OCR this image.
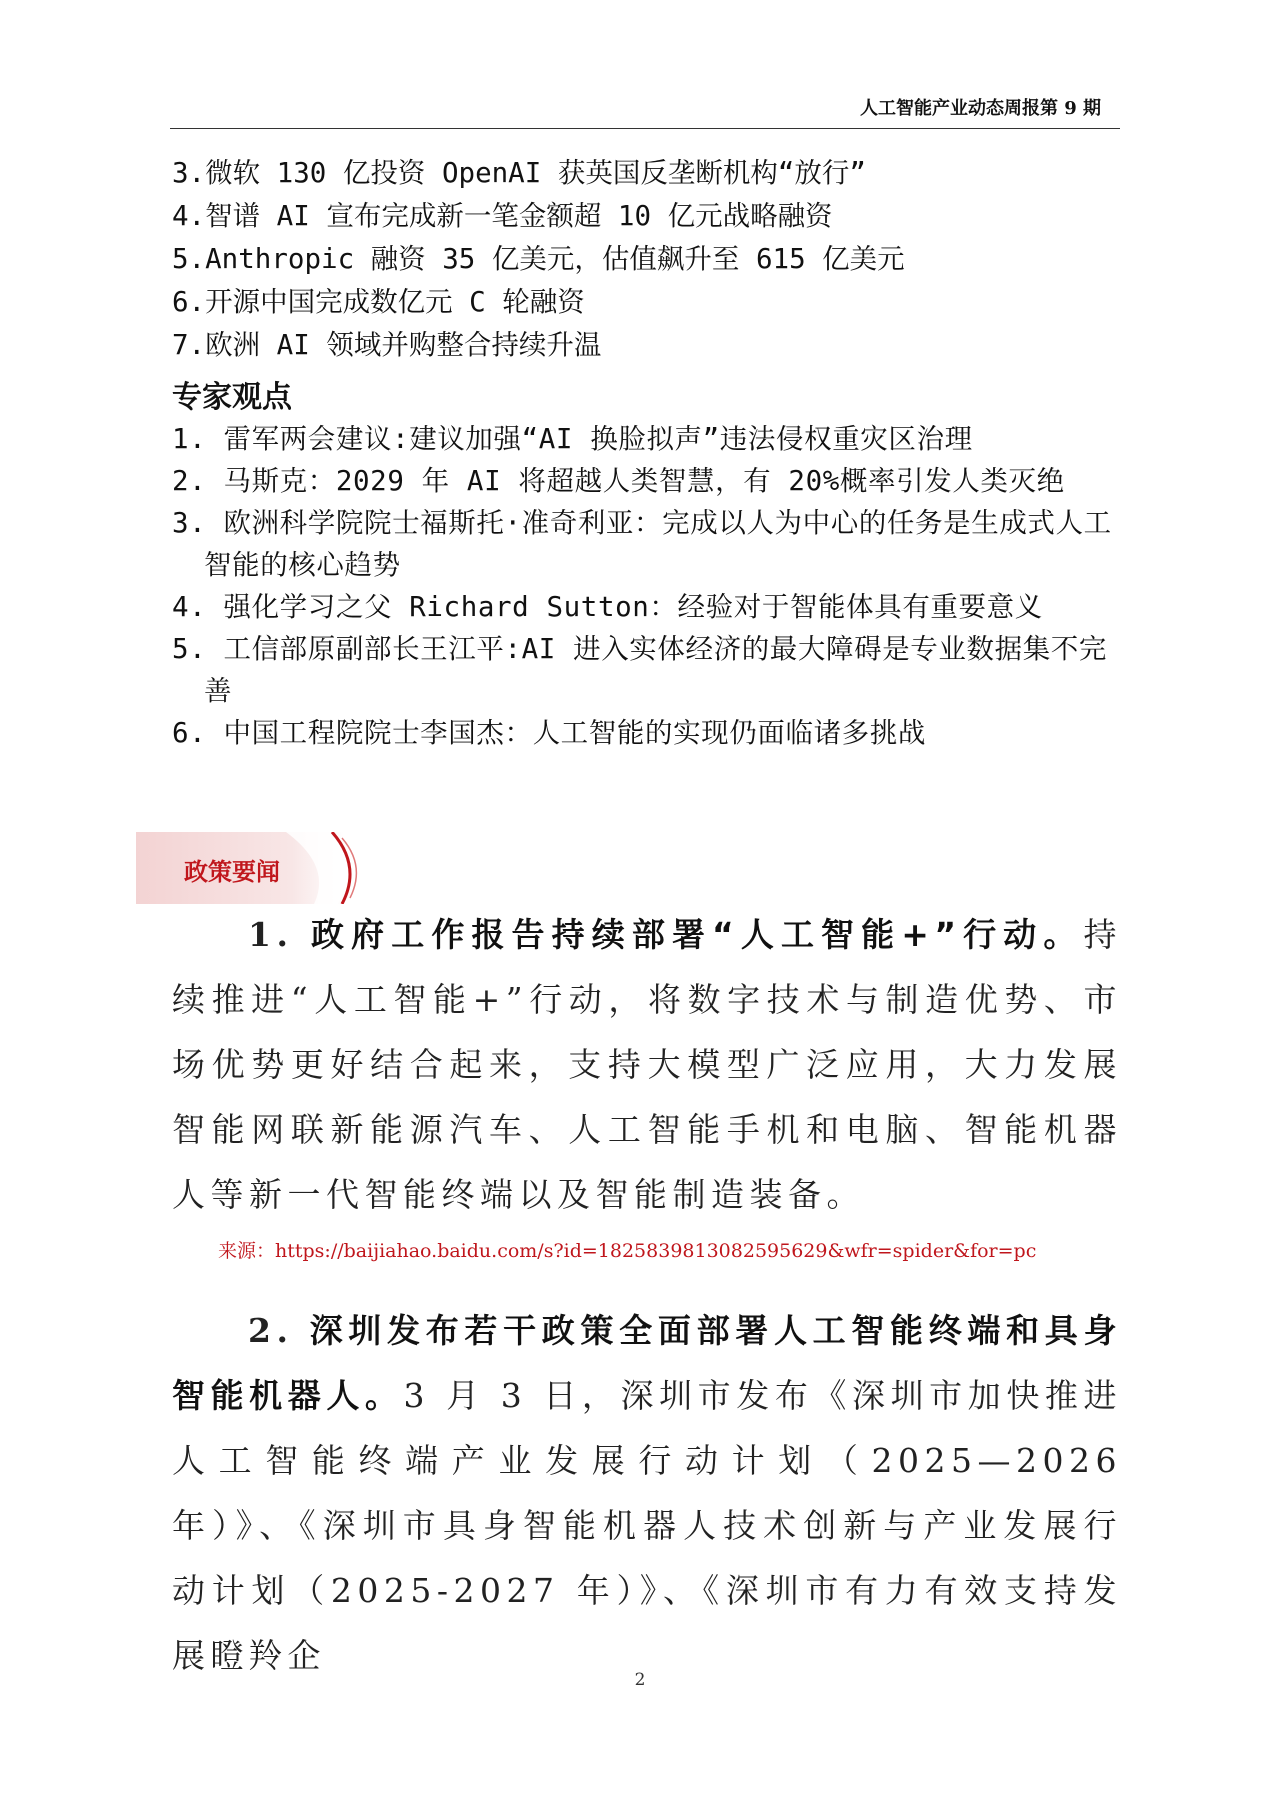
人工智能产业动态周报第 9 期
3.微软 130 亿投资 OpenAI 获英国反垄断机构“放行”
4.智谱 AI 宣布完成新一笔金额超 10 亿元战略融资
5.Anthropic 融资 35 亿美元，估值飙升至 615 亿美元
6.开源中国完成数亿元 C 轮融资
7.欧洲 AI 领域并购整合持续升温
专家观点
1. 雷军两会建议:建议加强“AI 换脸拟声”违法侵权重灾区治理
2. 马斯克：2029 年 AI 将超越人类智慧，有 20%概率引发人类灭绝
3. 欧洲科学院院士福斯托·准奇利亚：完成以人为中心的任务是生成式人工智能的核心趋势
4. 强化学习之父 Richard Sutton：经验对于智能体具有重要意义
5. 工信部原副部长王江平:AI 进入实体经济的最大障碍是专业数据集不完善
6. 中国工程院院士李国杰：人工智能的实现仍面临诸多挑战
政策要闻
1. 政府工作报告持续部署“人工智能+”行动。持续推进“人工智能+”行动，将数字技术与制造优势、市场优势更好结合起来，支持大模型广泛应用，大力发展智能网联新能源汽车、人工智能手机和电脑、智能机器人等新一代智能终端以及智能制造装备。
来源：https://baijiahao.baidu.com/s?id=1825839813082595629&wfr=spider&for=pc
2. 深圳发布若干政策全面部署人工智能终端和具身智能机器人。3 月 3 日，深圳市发布《深圳市加快推进人工智能终端产业发展行动计划（2025—2026 年）》、《深圳市具身智能机器人技术创新与产业发展行动计划（2025-2027 年）》、《深圳市有力有效支持发展瞪羚企
2
